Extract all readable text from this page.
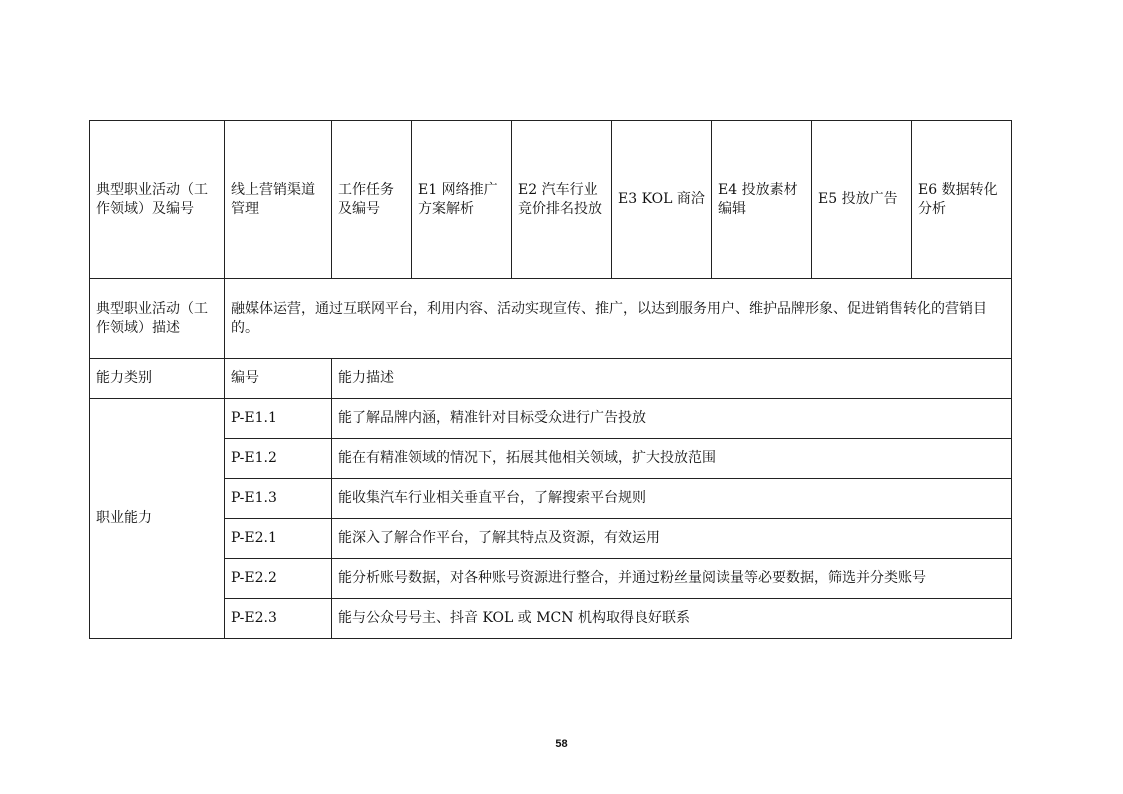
典型职业活动（工作领域）及编号	线上营销渠道管理	工作任务及编号	E1 网络推广方案解析	E2 汽车行业竞价排名投放	E3 KOL 商洽	E4 投放素材编辑	E5 投放广告	E6 数据转化分析
典型职业活动（工作领域）描述	融媒体运营，通过互联网平台，利用内容、活动实现宣传、推广，以达到服务用户、维护品牌形象、促进销售转化的营销目的。							
能力类别	编号	能力描述						
职业能力	P-E1.1	能了解品牌内涵，精准针对目标受众进行广告投放						
	P-E1.2	能在有精准领域的情况下，拓展其他相关领域，扩大投放范围						
	P-E1.3	能收集汽车行业相关垂直平台，了解搜索平台规则						
	P-E2.1	能深入了解合作平台，了解其特点及资源，有效运用						
	P-E2.2	能分析账号数据，对各种账号资源进行整合，并通过粉丝量阅读量等必要数据，筛选并分类账号						
	P-E2.3	能与公众号号主、抖音 KOL 或 MCN 机构取得良好联系						
58
